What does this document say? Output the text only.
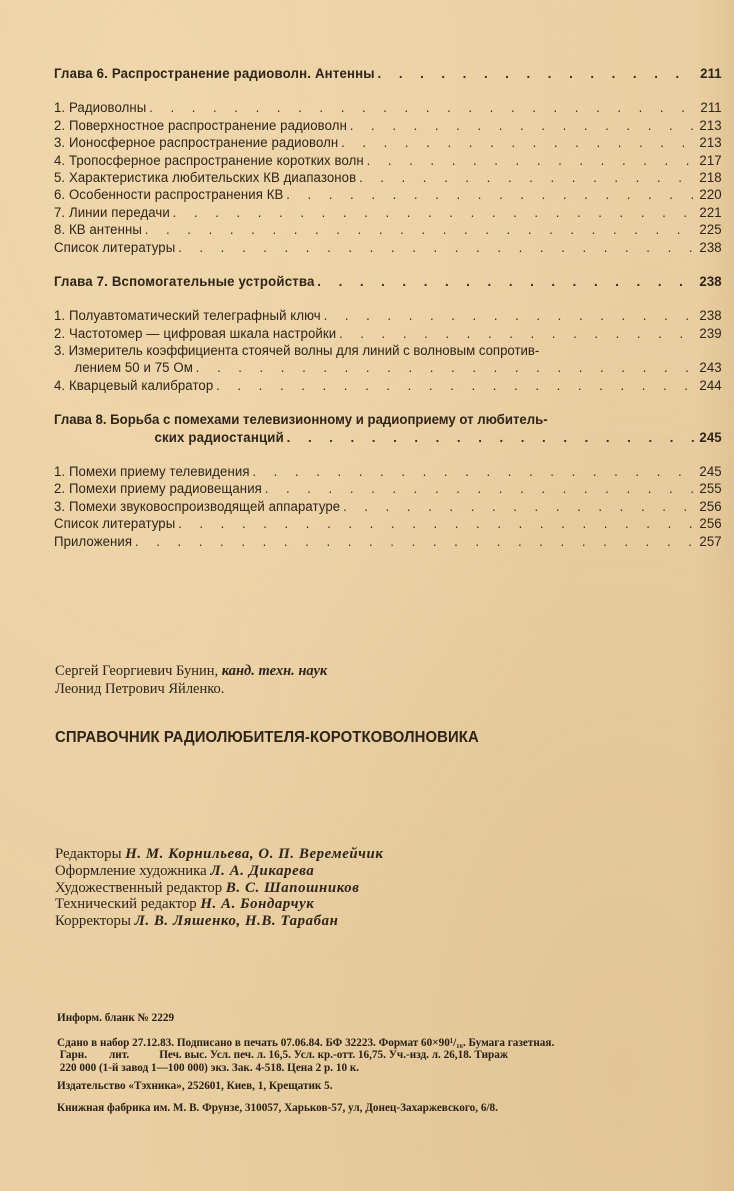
Глава 6. Распространение радиоволн. Антенны . . .	211
1. Радиоволны . . .	211
2. Поверхностное распространение радиоволн . . .	213
3. Ионосферное распространение радиоволн . . .	213
4. Тропосферное распространение коротких волн . . .	217
5. Характеристика любительских КВ диапазонов . . .	218
6. Особенности распространения КВ . . .	220
7. Линии передачи . . .	221
8. КВ антенны . . .	225
Список литературы . . .	238
Глава 7. Вспомогательные устройства . . .	238
1. Полуавтоматический телеграфный ключ . . .	238
2. Частотомер — цифровая шкала настройки . . .	239
3. Измеритель коэффициента стоячей волны для линий с волновым сопротив-
лением 50 и 75 Ом . . .	243
4. Кварцевый калибратор . . .	244
Глава 8. Борьба с помехами телевизионному и радиоприему от любитель-
ских радиостанций . . .	245
1. Помехи приему телевидения . . .	245
2. Помехи приему радиовещания . . .	255
3. Помехи звуковоспроизводящей аппаратуре . . .	256
Список литературы . . .	256
Приложения . . .	257
Сергей Георгиевич Бунин, канд. техн. наук
Леонид Петрович Яйленко.
СПРАВОЧНИК РАДИОЛЮБИТЕЛЯ-КОРОТКОВОЛНОВИКА
Редакторы Н. М. Корнильева, О. П. Веремейчик
Оформление художника Л. А. Дикарева
Художественный редактор В. С. Шапошников
Технический редактор Н. А. Бондарчук
Корректоры Л. В. Ляшенко, Н.В. Тарабан
Информ. бланк № 2229
Сдано в набор 27.12.83. Подписано в печать 07.06.84. БФ 32223. Формат 60×90¹/₁₆. Бумага газетная.
Гарн. лит.	Печ. выс. Усл. печ. л. 16,5. Усл. кр.-отт. 16,75. Уч.-изд. л. 26,18. Тираж
220 000 (1-й завод 1—100 000) экз. Зак. 4-518. Цена 2 р. 10 к.
Издательство «Тэхника», 252601, Киев, 1, Крещатик 5.
Книжная фабрика им. М. В. Фрунзе, 310057, Харьков-57, ул, Донец-Захаржевского, 6/8.
